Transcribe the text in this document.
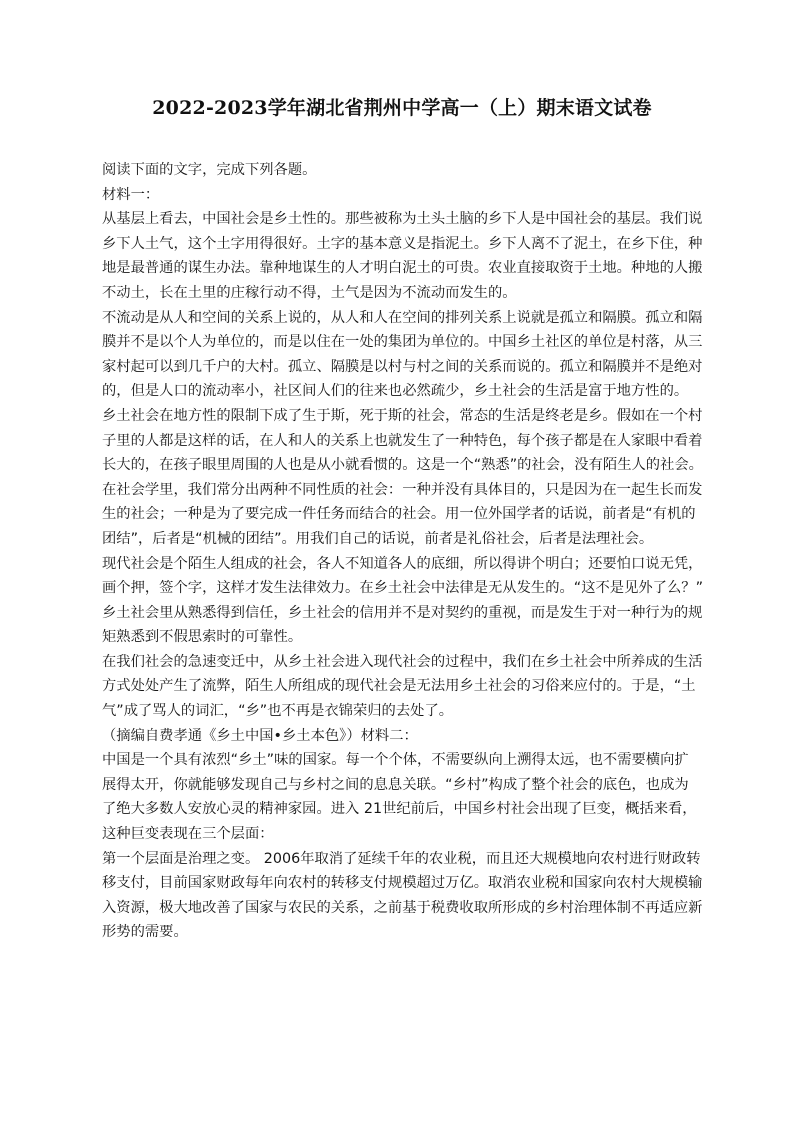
2022-2023学年湖北省荆州中学高一（上）期末语文试卷
阅读下面的文字，完成下列各题。
材料一：
从基层上看去，中国社会是乡土性的。那些被称为土头土脑的乡下人是中国社会的基层。我们说
乡下人土气，这个土字用得很好。土字的基本意义是指泥土。乡下人离不了泥土，在乡下住，种
地是最普通的谋生办法。靠种地谋生的人才明白泥土的可贵。农业直接取资于土地。种地的人搬
不动土，长在土里的庄稼行动不得，土气是因为不流动而发生的。
不流动是从人和空间的关系上说的，从人和人在空间的排列关系上说就是孤立和隔膜。孤立和隔
膜并不是以个人为单位的，而是以住在一处的集团为单位的。中国乡土社区的单位是村落，从三
家村起可以到几千户的大村。孤立、隔膜是以村与村之间的关系而说的。孤立和隔膜并不是绝对
的，但是人口的流动率小，社区间人们的往来也必然疏少，乡土社会的生活是富于地方性的。
乡土社会在地方性的限制下成了生于斯，死于斯的社会，常态的生活是终老是乡。假如在一个村
子里的人都是这样的话，在人和人的关系上也就发生了一种特色，每个孩子都是在人家眼中看着
长大的，在孩子眼里周围的人也是从小就看惯的。这是一个“熟悉”的社会，没有陌生人的社会。
在社会学里，我们常分出两种不同性质的社会：一种并没有具体目的，只是因为在一起生长而发
生的社会；一种是为了要完成一件任务而结合的社会。用一位外国学者的话说，前者是“有机的
团结”，后者是“机械的团结”。用我们自己的话说，前者是礼俗社会，后者是法理社会。
现代社会是个陌生人组成的社会，各人不知道各人的底细，所以得讲个明白；还要怕口说无凭，
画个押，签个字，这样才发生法律效力。在乡土社会中法律是无从发生的。“这不是见外了么？”
乡土社会里从熟悉得到信任，乡土社会的信用并不是对契约的重视，而是发生于对一种行为的规
矩熟悉到不假思索时的可靠性。
在我们社会的急速变迁中，从乡土社会进入现代社会的过程中，我们在乡土社会中所养成的生活
方式处处产生了流弊，陌生人所组成的现代社会是无法用乡土社会的习俗来应付的。于是，“土
气”成了骂人的词汇，“乡”也不再是衣锦荣归的去处了。
（摘编自费孝通《乡土中国•乡土本色》）材料二：
中国是一个具有浓烈“乡土”味的国家。每一个个体，不需要纵向上溯得太远，也不需要横向扩
展得太开，你就能够发现自己与乡村之间的息息关联。“乡村”构成了整个社会的底色，也成为
了绝大多数人安放心灵的精神家园。进入 21世纪前后，中国乡村社会出现了巨变，概括来看，
这种巨变表现在三个层面：
第一个层面是治理之变。 2006年取消了延续千年的农业税，而且还大规模地向农村进行财政转
移支付，目前国家财政每年向农村的转移支付规模超过万亿。取消农业税和国家向农村大规模输
入资源，极大地改善了国家与农民的关系，之前基于税费收取所形成的乡村治理体制不再适应新
形势的需要。
